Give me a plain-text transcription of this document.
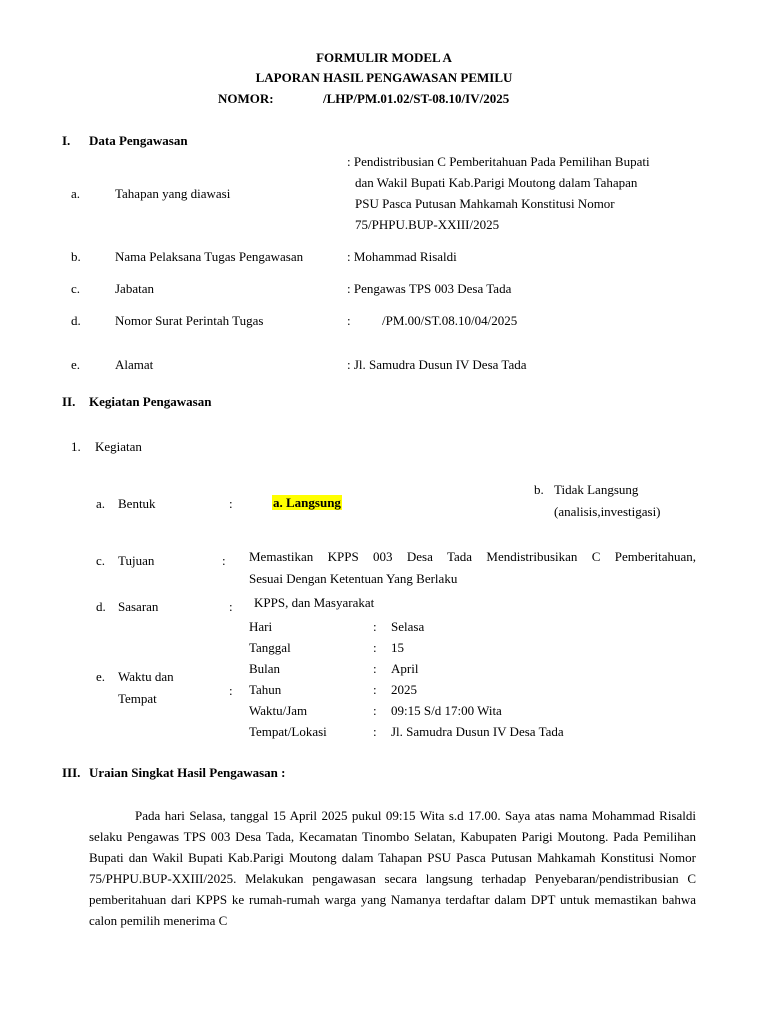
FORMULIR MODEL A
LAPORAN HASIL PENGAWASAN PEMILU
NOMOR:	/LHP/PM.01.02/ST-08.10/IV/2025
I. Data Pengawasan
a.	Tahapan yang diawasi
: Pendistribusian C Pemberitahuan Pada Pemilihan Bupati
dan Wakil Bupati Kab.Parigi Moutong dalam Tahapan
PSU Pasca Putusan Mahkamah Konstitusi Nomor
75/PHPU.BUP-XXIII/2025
b.	Nama Pelaksana Tugas Pengawasan	: Mohammad Risaldi
c.	Jabatan	: Pengawas TPS 003 Desa Tada
d.	Nomor Surat Perintah Tugas	: /PM.00/ST.08.10/04/2025
e.	Alamat	: Jl. Samudra Dusun IV Desa Tada
II. Kegiatan Pengawasan
1. Kegiatan
a. Bentuk	:	a. Langsung
b. Tidak Langsung
(analisis,investigasi)
c. Tujuan	: Memastikan KPPS 003 Desa Tada Mendistribusikan C Pemberitahuan,
Sesuai Dengan Ketentuan Yang Berlaku
d. Sasaran	: KPPS, dan Masyarakat
e. Waktu dan
Tempat
:
Hari	: Selasa
Tanggal	: 15
Bulan	: April
Tahun	: 2025
Waktu/Jam	: 09:15 S/d 17:00 Wita
Tempat/Lokasi	: Jl. Samudra Dusun IV Desa Tada
III. Uraian Singkat Hasil Pengawasan :
Pada hari Selasa, tanggal 15 April 2025 pukul 09:15 Wita s.d 17.00. Saya atas nama Mohammad Risaldi selaku Pengawas TPS 003 Desa Tada, Kecamatan Tinombo Selatan, Kabupaten Parigi Moutong. Pada Pemilihan Bupati dan Wakil Bupati Kab.Parigi Moutong dalam Tahapan PSU Pasca Putusan Mahkamah Konstitusi Nomor 75/PHPU.BUP-XXIII/2025. Melakukan pengawasan secara langsung terhadap Penyebaran/pendistribusian C pemberitahuan dari KPPS ke rumah-rumah warga yang Namanya terdaftar dalam DPT untuk memastikan bahwa calon pemilih menerima C
